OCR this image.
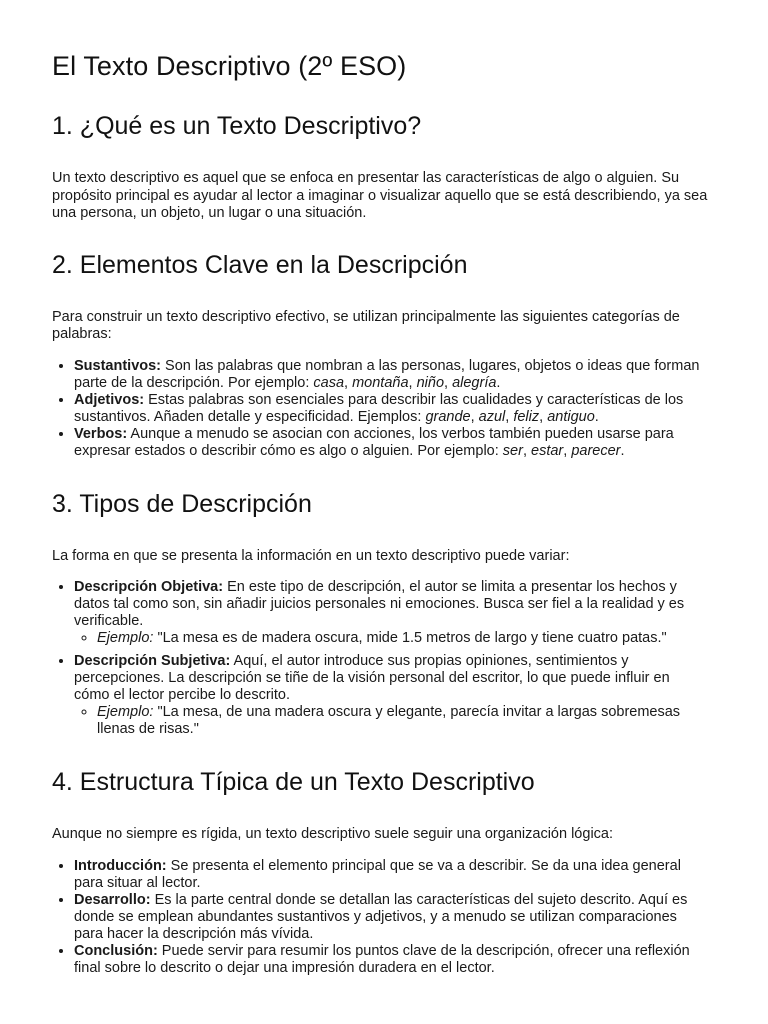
El Texto Descriptivo (2º ESO)
1. ¿Qué es un Texto Descriptivo?

Un texto descriptivo es aquel que se enfoca en presentar las características de algo o alguien. Su propósito principal es ayudar al lector a imaginar o visualizar aquello que se está describiendo, ya sea una persona, un objeto, un lugar o una situación.

2. Elementos Clave en la Descripción

Para construir un texto descriptivo efectivo, se utilizan principalmente las siguientes categorías de palabras:

• Sustantivos: Son las palabras que nombran a las personas, lugares, objetos o ideas que forman parte de la descripción. Por ejemplo: casa, montaña, niño, alegría.
• Adjetivos: Estas palabras son esenciales para describir las cualidades y características de los sustantivos. Añaden detalle y especificidad. Ejemplos: grande, azul, feliz, antiguo.
• Verbos: Aunque a menudo se asocian con acciones, los verbos también pueden usarse para expresar estados o describir cómo es algo o alguien. Por ejemplo: ser, estar, parecer.
3. Tipos de Descripción

La forma en que se presenta la información en un texto descriptivo puede variar:

• Descripción Objetiva: En este tipo de descripción, el autor se limita a presentar los hechos y datos tal como son, sin añadir juicios personales ni emociones. Busca ser fiel a la realidad y es verificable.
◦ Ejemplo: "La mesa es de madera oscura, mide 1.5 metros de largo y tiene cuatro patas."
• Descripción Subjetiva: Aquí, el autor introduce sus propias opiniones, sentimientos y percepciones. La descripción se tiñe de la visión personal del escritor, lo que puede influir en cómo el lector percibe lo descrito.
◦ Ejemplo: "La mesa, de una madera oscura y elegante, parecía invitar a largas sobremesas llenas de risas."
4. Estructura Típica de un Texto Descriptivo

Aunque no siempre es rígida, un texto descriptivo suele seguir una organización lógica:

• Introducción: Se presenta el elemento principal que se va a describir. Se da una idea general para situar al lector.
• Desarrollo: Es la parte central donde se detallan las características del sujeto descrito. Aquí es donde se emplean abundantes sustantivos y adjetivos, y a menudo se utilizan comparaciones para hacer la descripción más vívida.
• Conclusión: Puede servir para resumir los puntos clave de la descripción, ofrecer una reflexión final sobre lo descrito o dejar una impresión duradera en el lector.
